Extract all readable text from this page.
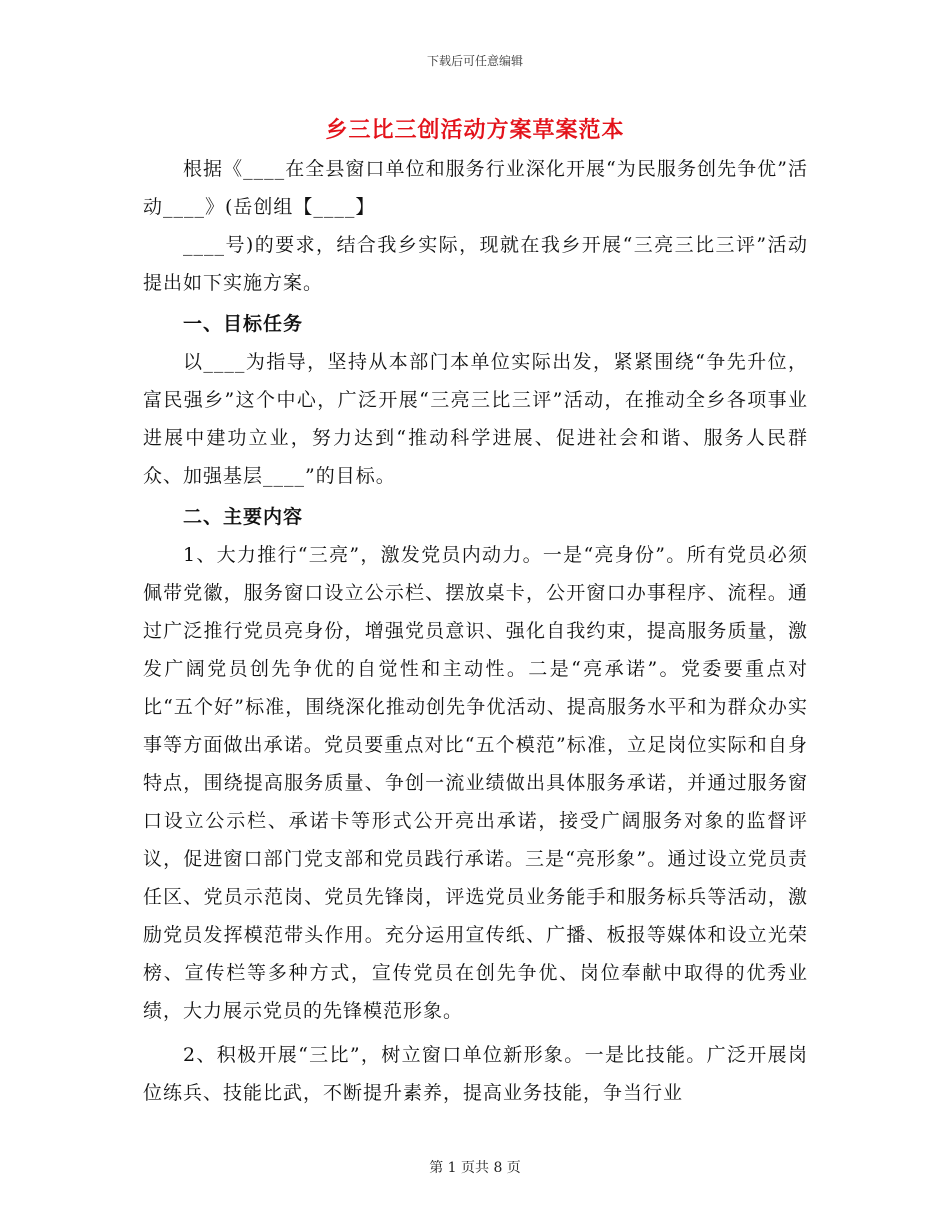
下载后可任意编辑
乡三比三创活动方案草案范本

根据《____在全县窗口单位和服务行业深化开展“为民服务创先争优”活动____》(岳创组【____】

____号)的要求，结合我乡实际，现就在我乡开展“三亮三比三评”活动提出如下实施方案。

一、目标任务

以____为指导，坚持从本部门本单位实际出发，紧紧围绕“争先升位，富民强乡”这个中心，广泛开展“三亮三比三评”活动，在推动全乡各项事业进展中建功立业，努力达到“推动科学进展、促进社会和谐、服务人民群众、加强基层____”的目标。

二、主要内容

1、大力推行“三亮”，激发党员内动力。一是“亮身份”。所有党员必须佩带党徽，服务窗口设立公示栏、摆放桌卡，公开窗口办事程序、流程。通过广泛推行党员亮身份，增强党员意识、强化自我约束，提高服务质量，激发广阔党员创先争优的自觉性和主动性。二是“亮承诺”。党委要重点对比“五个好”标准，围绕深化推动创先争优活动、提高服务水平和为群众办实事等方面做出承诺。党员要重点对比“五个模范”标准，立足岗位实际和自身特点，围绕提高服务质量、争创一流业绩做出具体服务承诺，并通过服务窗口设立公示栏、承诺卡等形式公开亮出承诺，接受广阔服务对象的监督评议，促进窗口部门党支部和党员践行承诺。三是“亮形象”。通过设立党员责任区、党员示范岗、党员先锋岗，评选党员业务能手和服务标兵等活动，激励党员发挥模范带头作用。充分运用宣传纸、广播、板报等媒体和设立光荣榜、宣传栏等多种方式，宣传党员在创先争优、岗位奉献中取得的优秀业绩，大力展示党员的先锋模范形象。

2、积极开展“三比”，树立窗口单位新形象。一是比技能。广泛开展岗位练兵、技能比武，不断提升素养，提高业务技能，争当行业

第 1 页共 8 页
